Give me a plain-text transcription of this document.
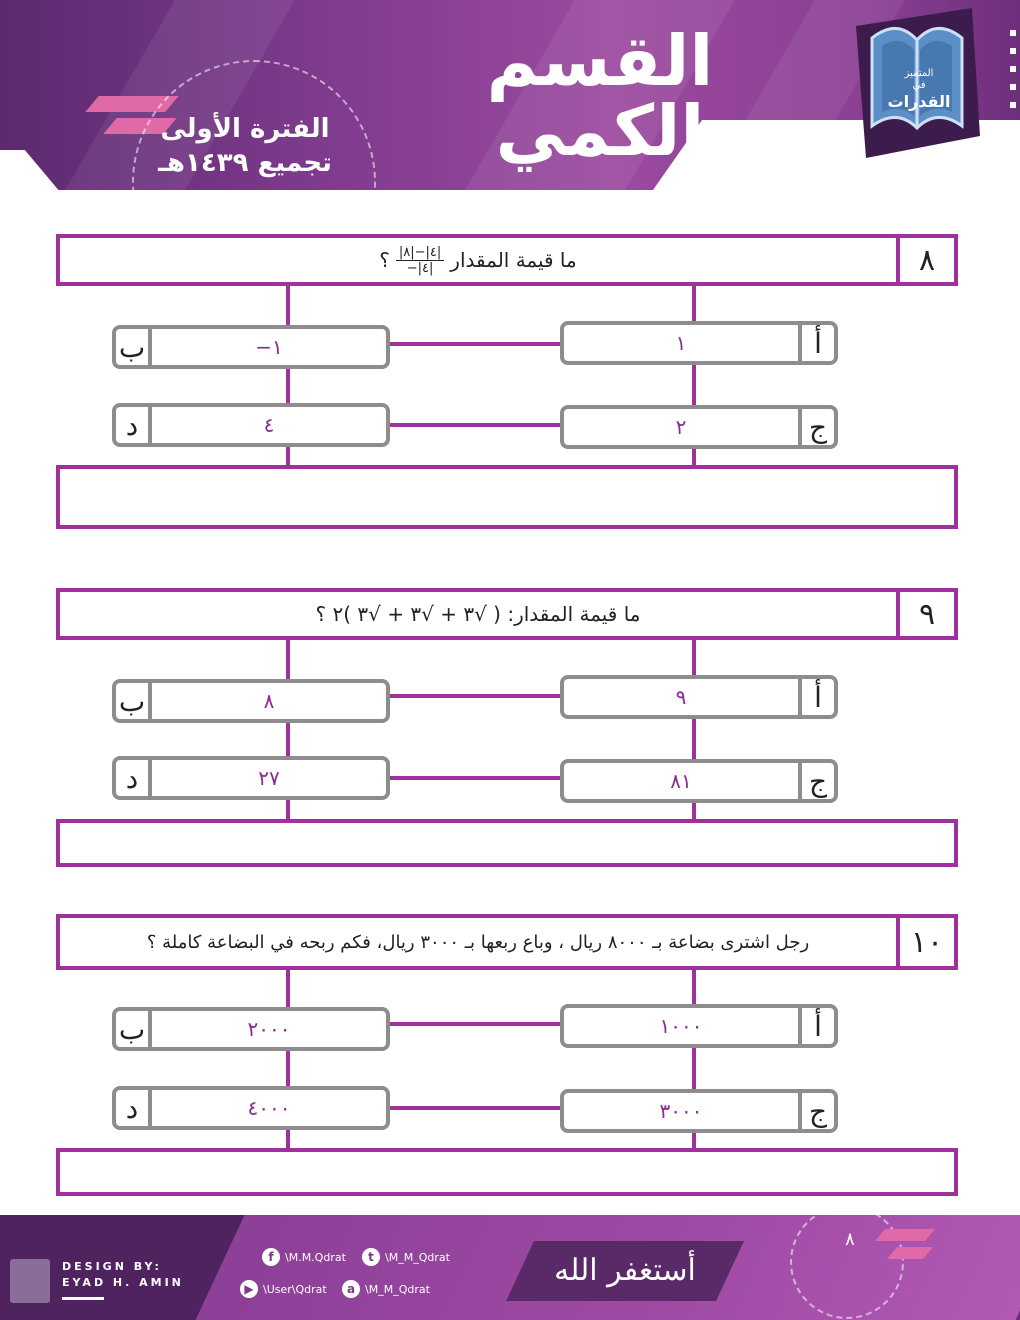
الفترة الأولى
تجميع ١٤٣٩هـ
القسم
الكمي
المتميز
في
القدرات
ما قيمة المقدار
$\frac{|٤|-|٨|}{-|٤|}$
؟	٨
١	أ
ب	−١
٢	ج
د	٤
ما قيمة المقدار: ( √٣ + √٣ + √٣ )٢ ؟	٩
٩	أ
ب	٨
٨١	ج
د	٢٧
رجل اشترى بضاعة بـ ٨٠٠٠ ريال ، وباع ربعها بـ ٣٠٠٠ ريال، فكم ربحه في البضاعة كاملة ؟	١٠
١٠٠٠	أ
ب	٢٠٠٠
٣٠٠٠	ج
د	٤٠٠٠
DESIGN BY:
EYAD H. AMIN
f	\M.M.Qdrat	t	\M_M_Qdrat
▶ \User\Qdrat	a \M_M_Qdrat
أستغفر الله
٨
